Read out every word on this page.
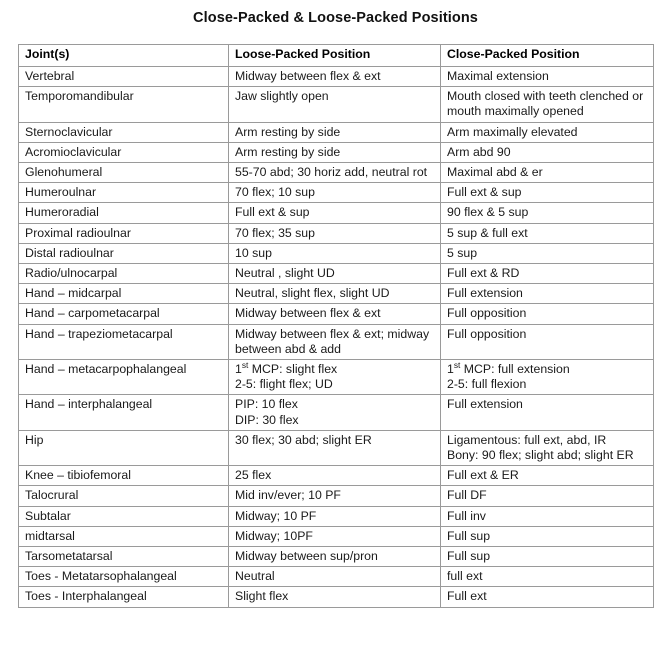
Close-Packed & Loose-Packed Positions
Joint(s)	Loose-Packed Position	Close-Packed Position
Vertebral	Midway between flex & ext	Maximal extension

Temporomandibular	Jaw slightly open	Mouth closed with teeth clenched or mouth maximally opened

Sternoclavicular	Arm resting by side	Arm maximally elevated

Acromioclavicular	Arm resting by side	Arm abd 90

Glenohumeral	55-70 abd; 30 horiz add, neutral rot	Maximal abd & er

Humeroulnar	70 flex; 10 sup	Full ext & sup

Humeroradial	Full ext & sup	90 flex & 5 sup

Proximal radioulnar	70 flex; 35 sup	5 sup & full ext

Distal radioulnar	10 sup	5 sup

Radio/ulnocarpal	Neutral , slight UD	Full ext & RD

Hand – midcarpal	Neutral, slight flex, slight UD	Full extension

Hand – carpometacarpal	Midway between flex & ext	Full opposition

Hand – trapeziometacarpal	Midway between flex & ext; midway between abd & add	Full opposition

Hand – metacarpophalangeal	1st MCP: slight flex
2-5: flight flex; UD	1st MCP: full extension
2-5: full flexion

Hand – interphalangeal	PIP: 10 flex
DIP: 30 flex	Full extension

Hip	30 flex; 30 abd; slight ER	Ligamentous: full ext, abd, IR
Bony: 90 flex; slight abd; slight ER

Knee – tibiofemoral	25 flex	Full ext & ER

Talocrural	Mid inv/ever; 10 PF	Full DF

Subtalar	Midway; 10 PF	Full inv

midtarsal	Midway; 10PF	Full sup

Tarsometatarsal	Midway between sup/pron	Full sup

Toes - Metatarsophalangeal	Neutral	full ext

Toes - Interphalangeal	Slight flex	Full ext
